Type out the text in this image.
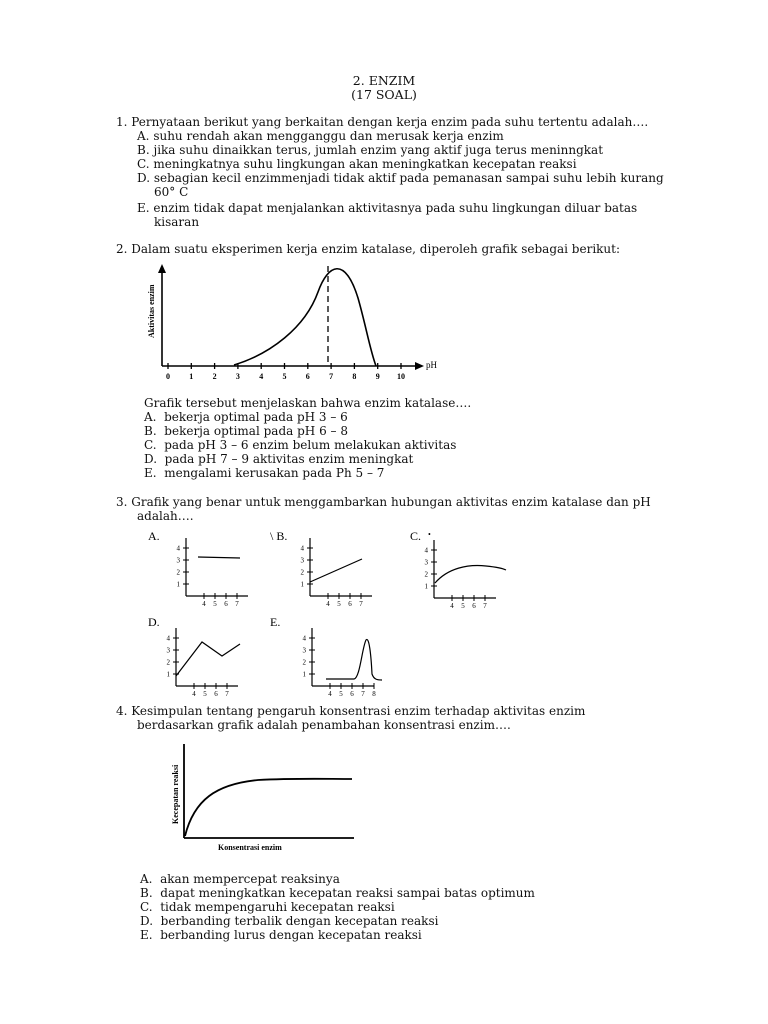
2. ENZIM
(17 SOAL)
1. Pernyataan berikut yang berkaitan dengan kerja enzim pada suhu tertentu adalah….
A. suhu rendah akan mengganggu dan merusak kerja enzim
B. jika suhu dinaikkan terus, jumlah enzim yang aktif juga terus meninngkat
C. meningkatnya suhu lingkungan akan meningkatkan kecepatan reaksi
D. sebagian kecil enzimmenjadi tidak aktif pada pemanasan sampai suhu lebih kurang
60° C
E. enzim tidak dapat menjalankan aktivitasnya pada suhu lingkungan diluar batas
kisaran
2. Dalam suatu eksperimen kerja enzim katalase, diperoleh grafik sebagai berikut:
0 1 2 3 4 5 6 7 8 9 10
Aktivitas enzim
pH
Grafik tersebut menjelaskan bahwa enzim katalase….
A. bekerja optimal pada pH 3 – 6
B. bekerja optimal pada pH 6 – 8
C. pada pH 3 – 6 enzim belum melakukan aktivitas
D. pada pH 7 – 9 aktivitas enzim meningkat
E. mengalami kerusakan pada Ph 5 – 7
3. Grafik yang benar untuk menggambarkan hubungan aktivitas enzim katalase dan pH
adalah….
A.
4
3
2
1
4 5 6 7
\ B.
4
3
2
1
4 5 6 7
C. •
4
3
2
1
4 5 6 7
D.
4
3
2
1
4 5 6 7
E.
4
3
2
1
4 5 6 7 8
4. Kesimpulan tentang pengaruh konsentrasi enzim terhadap aktivitas enzim
berdasarkan grafik adalah penambahan konsentrasi enzim….
Kecepatan reaksi
Konsentrasi enzim
A. akan mempercepat reaksinya
B. dapat meningkatkan kecepatan reaksi sampai batas optimum
C. tidak mempengaruhi kecepatan reaksi
D. berbanding terbalik dengan kecepatan reaksi
E. berbanding lurus dengan kecepatan reaksi
